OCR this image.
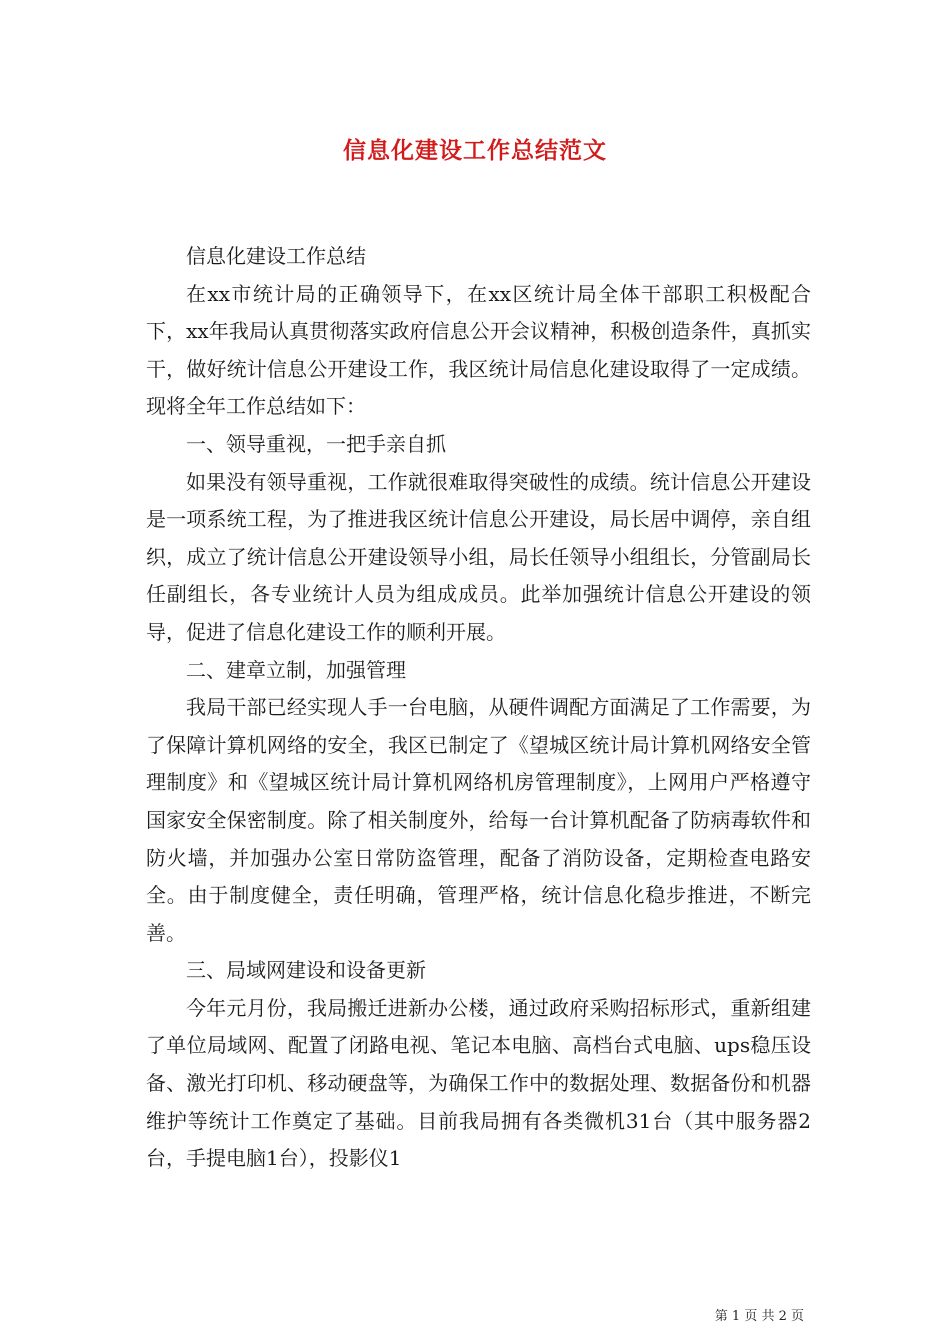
信息化建设工作总结范文

信息化建设工作总结

在xx市统计局的正确领导下，在xx区统计局全体干部职工积极配合下，xx年我局认真贯彻落实政府信息公开会议精神，积极创造条件，真抓实干，做好统计信息公开建设工作，我区统计局信息化建设取得了一定成绩。现将全年工作总结如下：

一、领导重视，一把手亲自抓

如果没有领导重视，工作就很难取得突破性的成绩。统计信息公开建设是一项系统工程，为了推进我区统计信息公开建设，局长居中调停，亲自组织，成立了统计信息公开建设领导小组，局长任领导小组组长，分管副局长任副组长，各专业统计人员为组成成员。此举加强统计信息公开建设的领导，促进了信息化建设工作的顺利开展。

二、建章立制，加强管理

我局干部已经实现人手一台电脑，从硬件调配方面满足了工作需要，为了保障计算机网络的安全，我区已制定了《望城区统计局计算机网络安全管理制度》和《望城区统计局计算机网络机房管理制度》，上网用户严格遵守国家安全保密制度。除了相关制度外，给每一台计算机配备了防病毒软件和防火墙，并加强办公室日常防盗管理，配备了消防设备，定期检查电路安全。由于制度健全，责任明确，管理严格，统计信息化稳步推进，不断完善。

三、局域网建设和设备更新

今年元月份，我局搬迁进新办公楼，通过政府采购招标形式，重新组建了单位局域网、配置了闭路电视、笔记本电脑、高档台式电脑、ups稳压设备、激光打印机、移动硬盘等，为确保工作中的数据处理、数据备份和机器维护等统计工作奠定了基础。目前我局拥有各类微机31台（其中服务器2台，手提电脑1台），投影仪1

第 1 页 共 2 页
